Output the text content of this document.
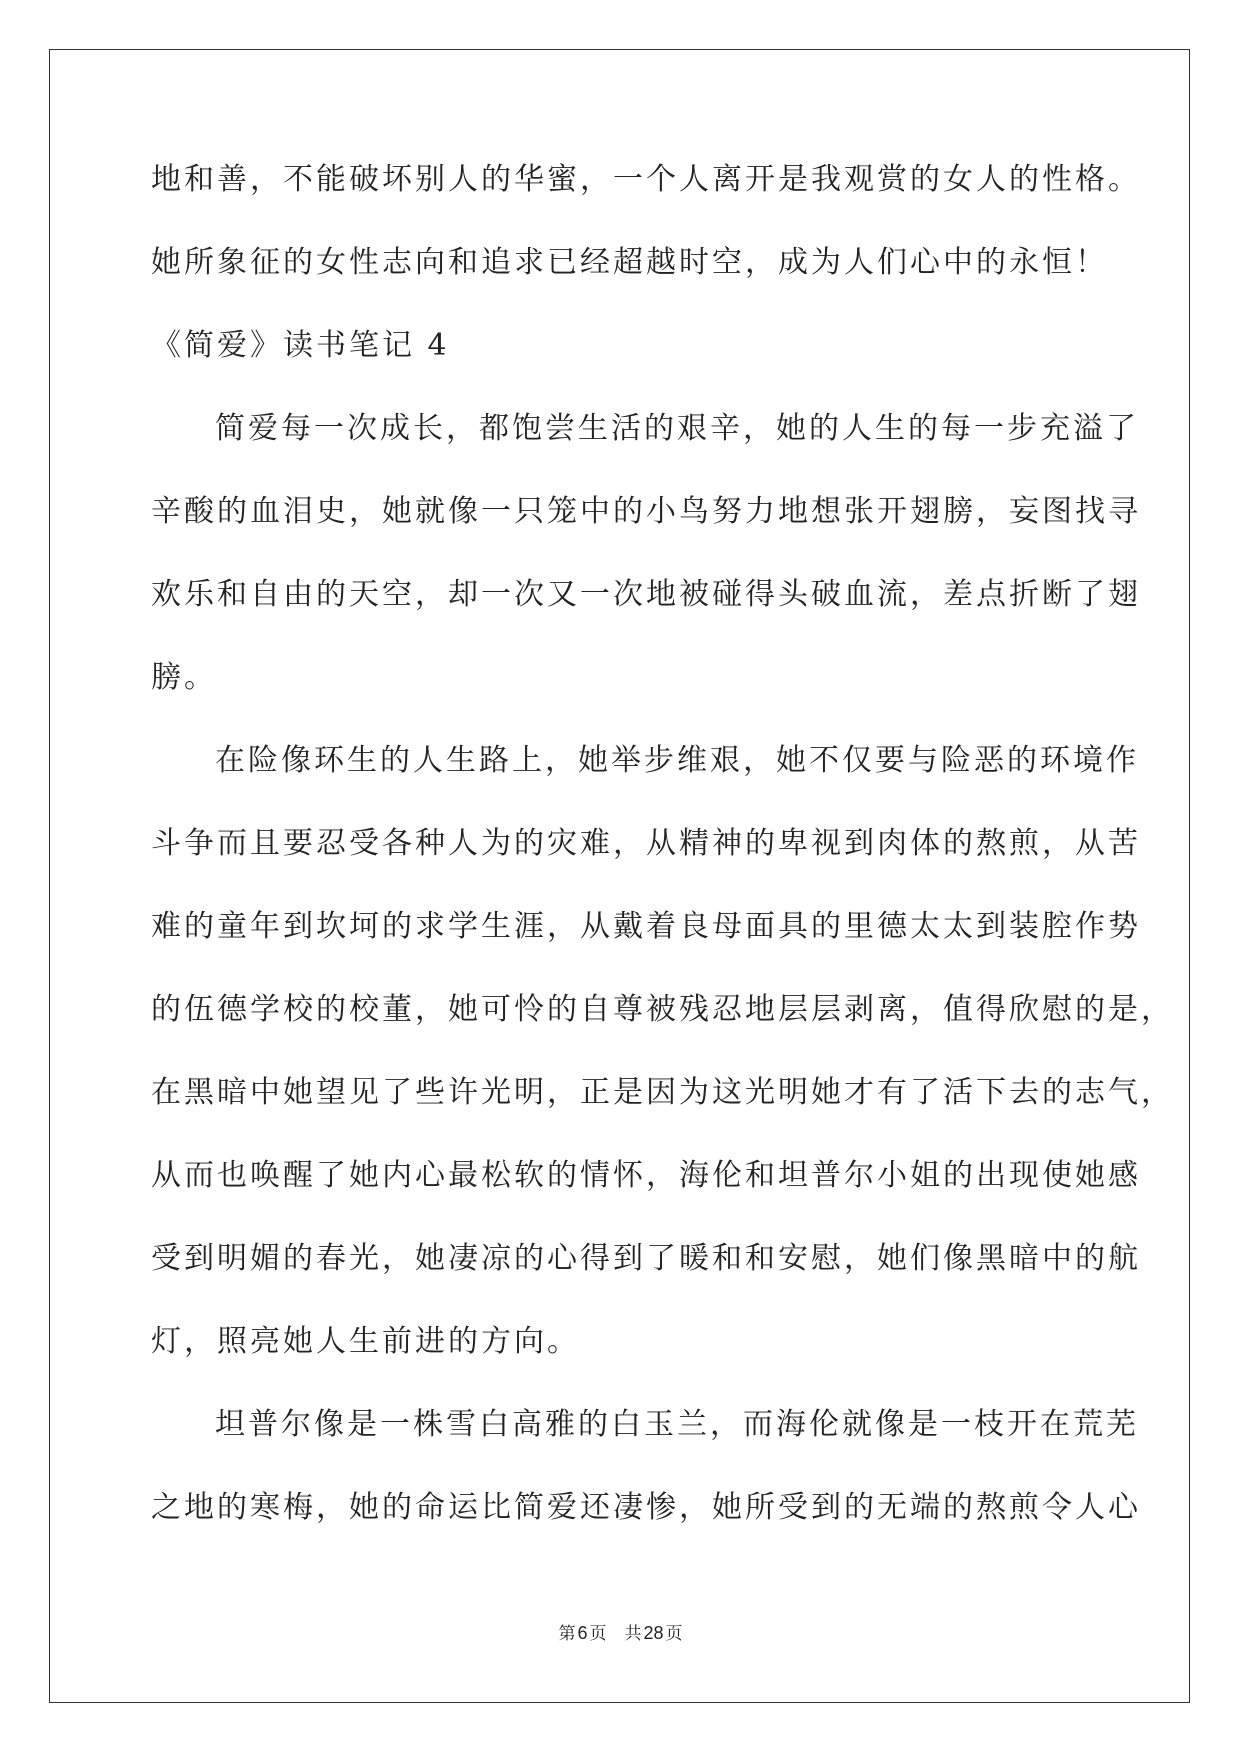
地和善，不能破坏别人的华蜜，一个人离开是我观赏的女人的性格。
她所象征的女性志向和追求已经超越时空，成为人们心中的永恒！
《简爱》读书笔记 4
简爱每一次成长，都饱尝生活的艰辛，她的人生的每一步充溢了
辛酸的血泪史，她就像一只笼中的小鸟努力地想张开翅膀，妄图找寻
欢乐和自由的天空，却一次又一次地被碰得头破血流，差点折断了翅
膀。
在险像环生的人生路上，她举步维艰，她不仅要与险恶的环境作
斗争而且要忍受各种人为的灾难，从精神的卑视到肉体的熬煎，从苦
难的童年到坎坷的求学生涯，从戴着良母面具的里德太太到装腔作势
的伍德学校的校董，她可怜的自尊被残忍地层层剥离，值得欣慰的是，
在黑暗中她望见了些许光明，正是因为这光明她才有了活下去的志气，
从而也唤醒了她内心最松软的情怀，海伦和坦普尔小姐的出现使她感
受到明媚的春光，她凄凉的心得到了暖和和安慰，她们像黑暗中的航
灯，照亮她人生前进的方向。
坦普尔像是一株雪白高雅的白玉兰，而海伦就像是一枝开在荒芜
之地的寒梅，她的命运比简爱还凄惨，她所受到的无端的熬煎令人心
第 6 页 共 28 页
